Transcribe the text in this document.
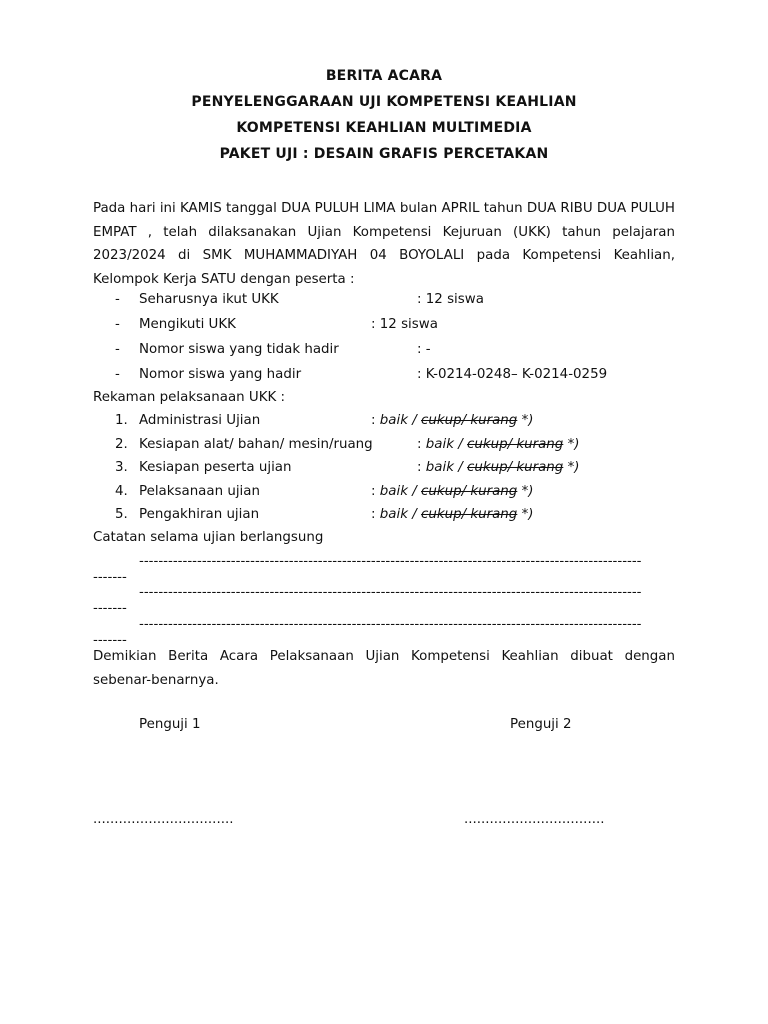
BERITA ACARA
PENYELENGGARAAN UJI KOMPETENSI KEAHLIAN
KOMPETENSI KEAHLIAN MULTIMEDIA
PAKET UJI : DESAIN GRAFIS PERCETAKAN
Pada hari ini KAMIS tanggal DUA PULUH LIMA bulan APRIL tahun DUA RIBU DUA PULUH EMPAT , telah dilaksanakan Ujian Kompetensi Kejuruan (UKK) tahun pelajaran 2023/2024 di SMK MUHAMMADIYAH 04 BOYOLALI pada Kompetensi Keahlian, Kelompok Kerja SATU dengan peserta :
- Seharusnya ikut UKK	: 12 siswa
- Mengikuti UKK	: 12 siswa
- Nomor siswa yang tidak hadir	: -
- Nomor siswa yang hadir	: K-0214-0248– K-0214-0259
Rekaman pelaksanaan UKK :
1. Administrasi Ujian	: baik / cukup/ kurang *)
2. Kesiapan alat/ bahan/ mesin/ruang	: baik / cukup/ kurang *)
3. Kesiapan peserta ujian	: baik / cukup/ kurang *)
4. Pelaksanaan ujian	: baik / cukup/ kurang *)
5. Pengakhiran ujian	: baik / cukup/ kurang *)
Catatan selama ujian berlangsung
--------------------------------------------------------------------------------------------------------
-------
--------------------------------------------------------------------------------------------------------
-------
--------------------------------------------------------------------------------------------------------
-------
Demikian Berita Acara Pelaksanaan Ujian Kompetensi Keahlian dibuat dengan sebenar-benarnya.
Penguji 1	Penguji 2
.................................	.................................
